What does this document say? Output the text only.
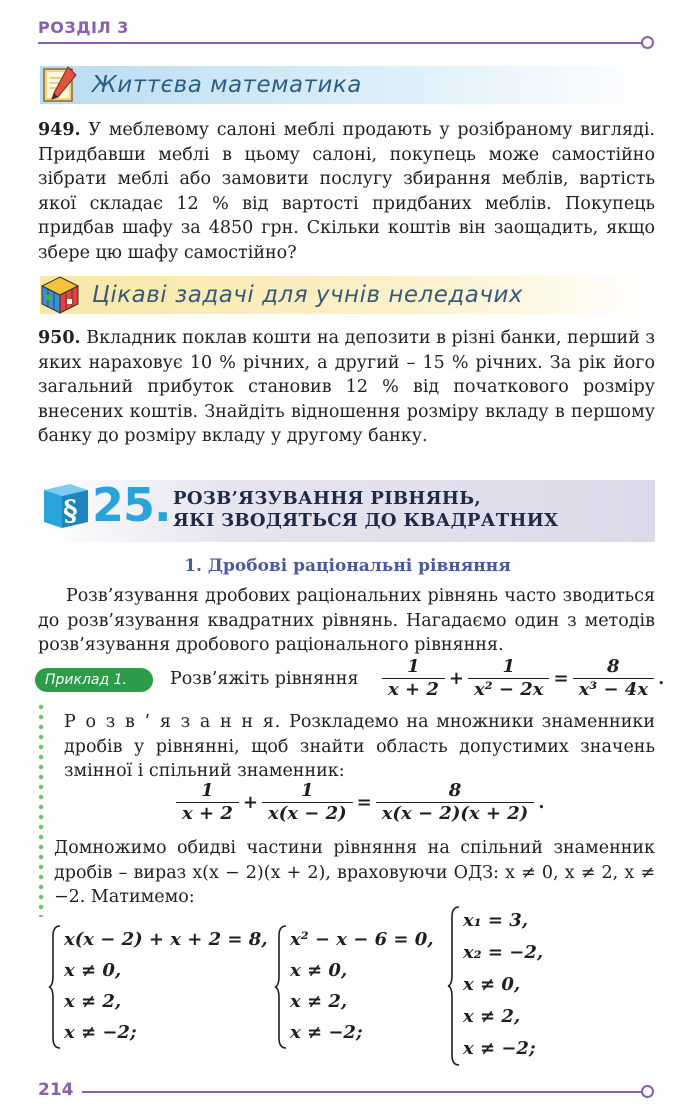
РОЗДІЛ 3
Життєва математика
949. У меблевому салоні меблі продають у розібраному вигляді. Придбавши меблі в цьому салоні, покупець може самостійно зібрати меблі або замовити послугу збирання меблів, вартість якої складає 12 % від вартості придбаних меблів. Покупець придбав шафу за 4850 грн. Скільки коштів він заощадить, якщо збере цю шафу самостійно?
Цікаві задачі для учнів неледачих
950. Вкладник поклав кошти на депозити в різні банки, перший з яких нараховує 10 % річних, а другий – 15 % річних. За рік його загальний прибуток становив 12 % від початкового розміру внесених коштів. Знайдіть відношення розміру вкладу в першому банку до розміру вкладу у другому банку.
§ 25. РОЗВ’ЯЗУВАННЯ РІВНЯНЬ,
ЯКІ ЗВОДЯТЬСЯ ДО КВАДРАТНИХ
1. Дробові раціональні рівняння
Розв’язування дробових раціональних рівнянь часто зводиться до розв’язування квадратних рівнянь. Нагадаємо один з методів розв’язування дробового раціонального рівняння.
Приклад 1.	Розв’яжіть рівняння $\frac{1}{x + 2} + \frac{1}{\text{x² − 2x}} = \frac{8}{\text{x³ − 4x}}$ .
Р о з в ’ я з а н н я. Розкладемо на множники знаменники дробів у рівнянні, щоб знайти область допустимих значень змінної і спільний знаменник:
$\frac{1}{x + 2} + \frac{1}{x(x - 2)} = \frac{8}{x(x - 2)(x + 2)}$ .
Домножимо обидві частини рівняння на спільний знаменник дробів – вираз x(x − 2)(x + 2), враховуючи ОДЗ: x ≠ 0, x ≠ 2, x ≠ −2. Матимемо:
x(x − 2) + x + 2 = 8,
x ≠ 0,
x ≠ 2,
x ≠ −2;
x² − x − 6 = 0,
x ≠ 0,
x ≠ 2,
x ≠ −2;
x₁ = 3,
x₂ = −2,
x ≠ 0,
x ≠ 2,
x ≠ −2;
214
